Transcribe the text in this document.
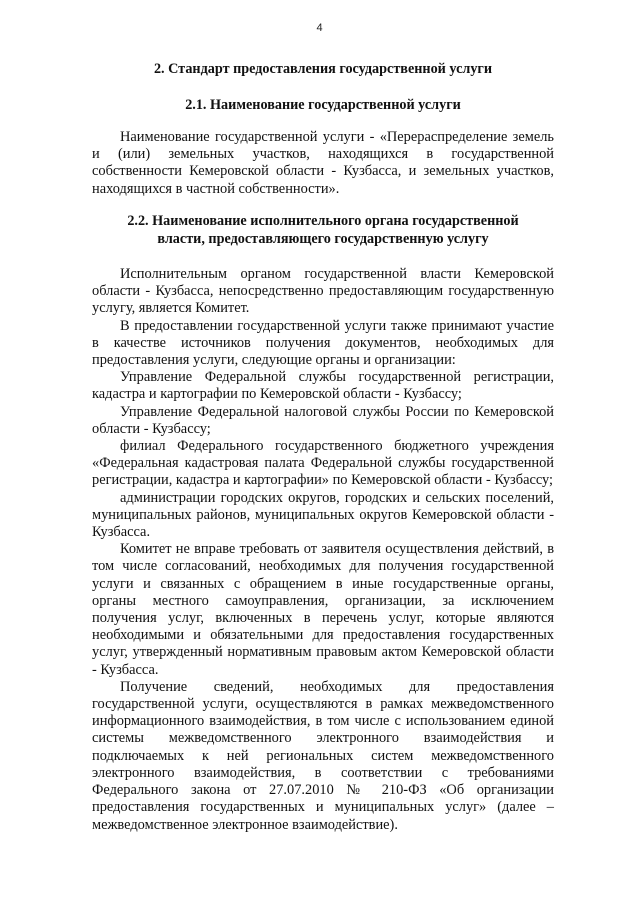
4
2. Стандарт предоставления государственной услуги
2.1. Наименование государственной услуги

Наименование государственной услуги - «Перераспределение земель и (или) земельных участков, находящихся в государственной собственности Кемеровской области - Кузбасса, и земельных участков, находящихся в частной собственности».

2.2. Наименование исполнительного органа государственной
власти, предоставляющего государственную услугу

Исполнительным органом государственной власти Кемеровской области - Кузбасса, непосредственно предоставляющим государственную услугу, является Комитет.

В предоставлении государственной услуги также принимают участие в качестве источников получения документов, необходимых для предоставления услуги, следующие органы и организации:

Управление Федеральной службы государственной регистрации, кадастра и картографии по Кемеровской области - Кузбассу;

Управление Федеральной налоговой службы России по Кемеровской области - Кузбассу;

филиал Федерального государственного бюджетного учреждения «Федеральная кадастровая палата Федеральной службы государственной регистрации, кадастра и картографии» по Кемеровской области - Кузбассу;

администрации городских округов, городских и сельских поселений, муниципальных районов, муниципальных округов Кемеровской области - Кузбасса.

Комитет не вправе требовать от заявителя осуществления действий, в том числе согласований, необходимых для получения государственной услуги и связанных с обращением в иные государственные органы, органы местного самоуправления, организации, за исключением получения услуг, включенных в перечень услуг, которые являются необходимыми и обязательными для предоставления государственных услуг, утвержденный нормативным правовым актом Кемеровской области - Кузбасса.

Получение сведений, необходимых для предоставления государственной услуги, осуществляются в рамках межведомственного информационного взаимодействия, в том числе с использованием единой системы межведомственного электронного взаимодействия и подключаемых к ней региональных систем межведомственного электронного взаимодействия, в соответствии с требованиями Федерального закона от 27.07.2010 № 210-ФЗ «Об организации предоставления государственных и муниципальных услуг» (далее – межведомственное электронное взаимодействие).
